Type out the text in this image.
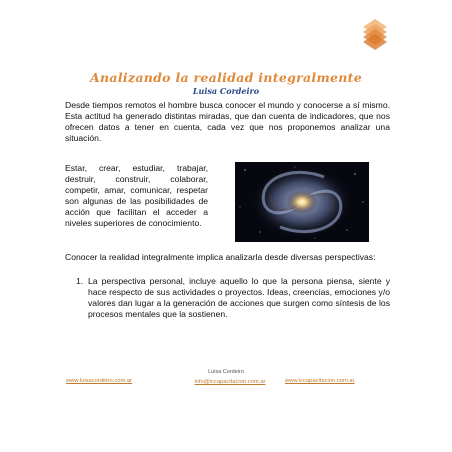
Analizando la realidad integralmente
Luisa Cordeiro
Desde tiempos remotos el hombre busca conocer el mundo y conocerse a sí mismo. Esta actitud ha generado distintas miradas, que dan cuenta de indicadores, que nos ofrecen datos a tener en cuenta, cada vez que nos proponemos analizar una situación.
Estar, crear, estudiar, trabajar, destruir, construir, colaborar, competir, amar, comunicar, respetar son algunas de las posibilidades de acción que facilitan el acceder a niveles superiores de conocimiento.
Conocer la realidad integralmente implica analizarla desde diversas perspectivas:
1. La perspectiva personal, incluye aquello lo que la persona piensa, siente y hace respecto de sus actividades o proyectos. Ideas, creencias, emociones y/o valores dan lugar a la generación de acciones que surgen como síntesis de los procesos mentales que la sostienen.
Luisa Cordeiro
www.luisacordeiro.com.ar	www.iccapacitacion.com.ar
info@iccapacitacion.com.ar
